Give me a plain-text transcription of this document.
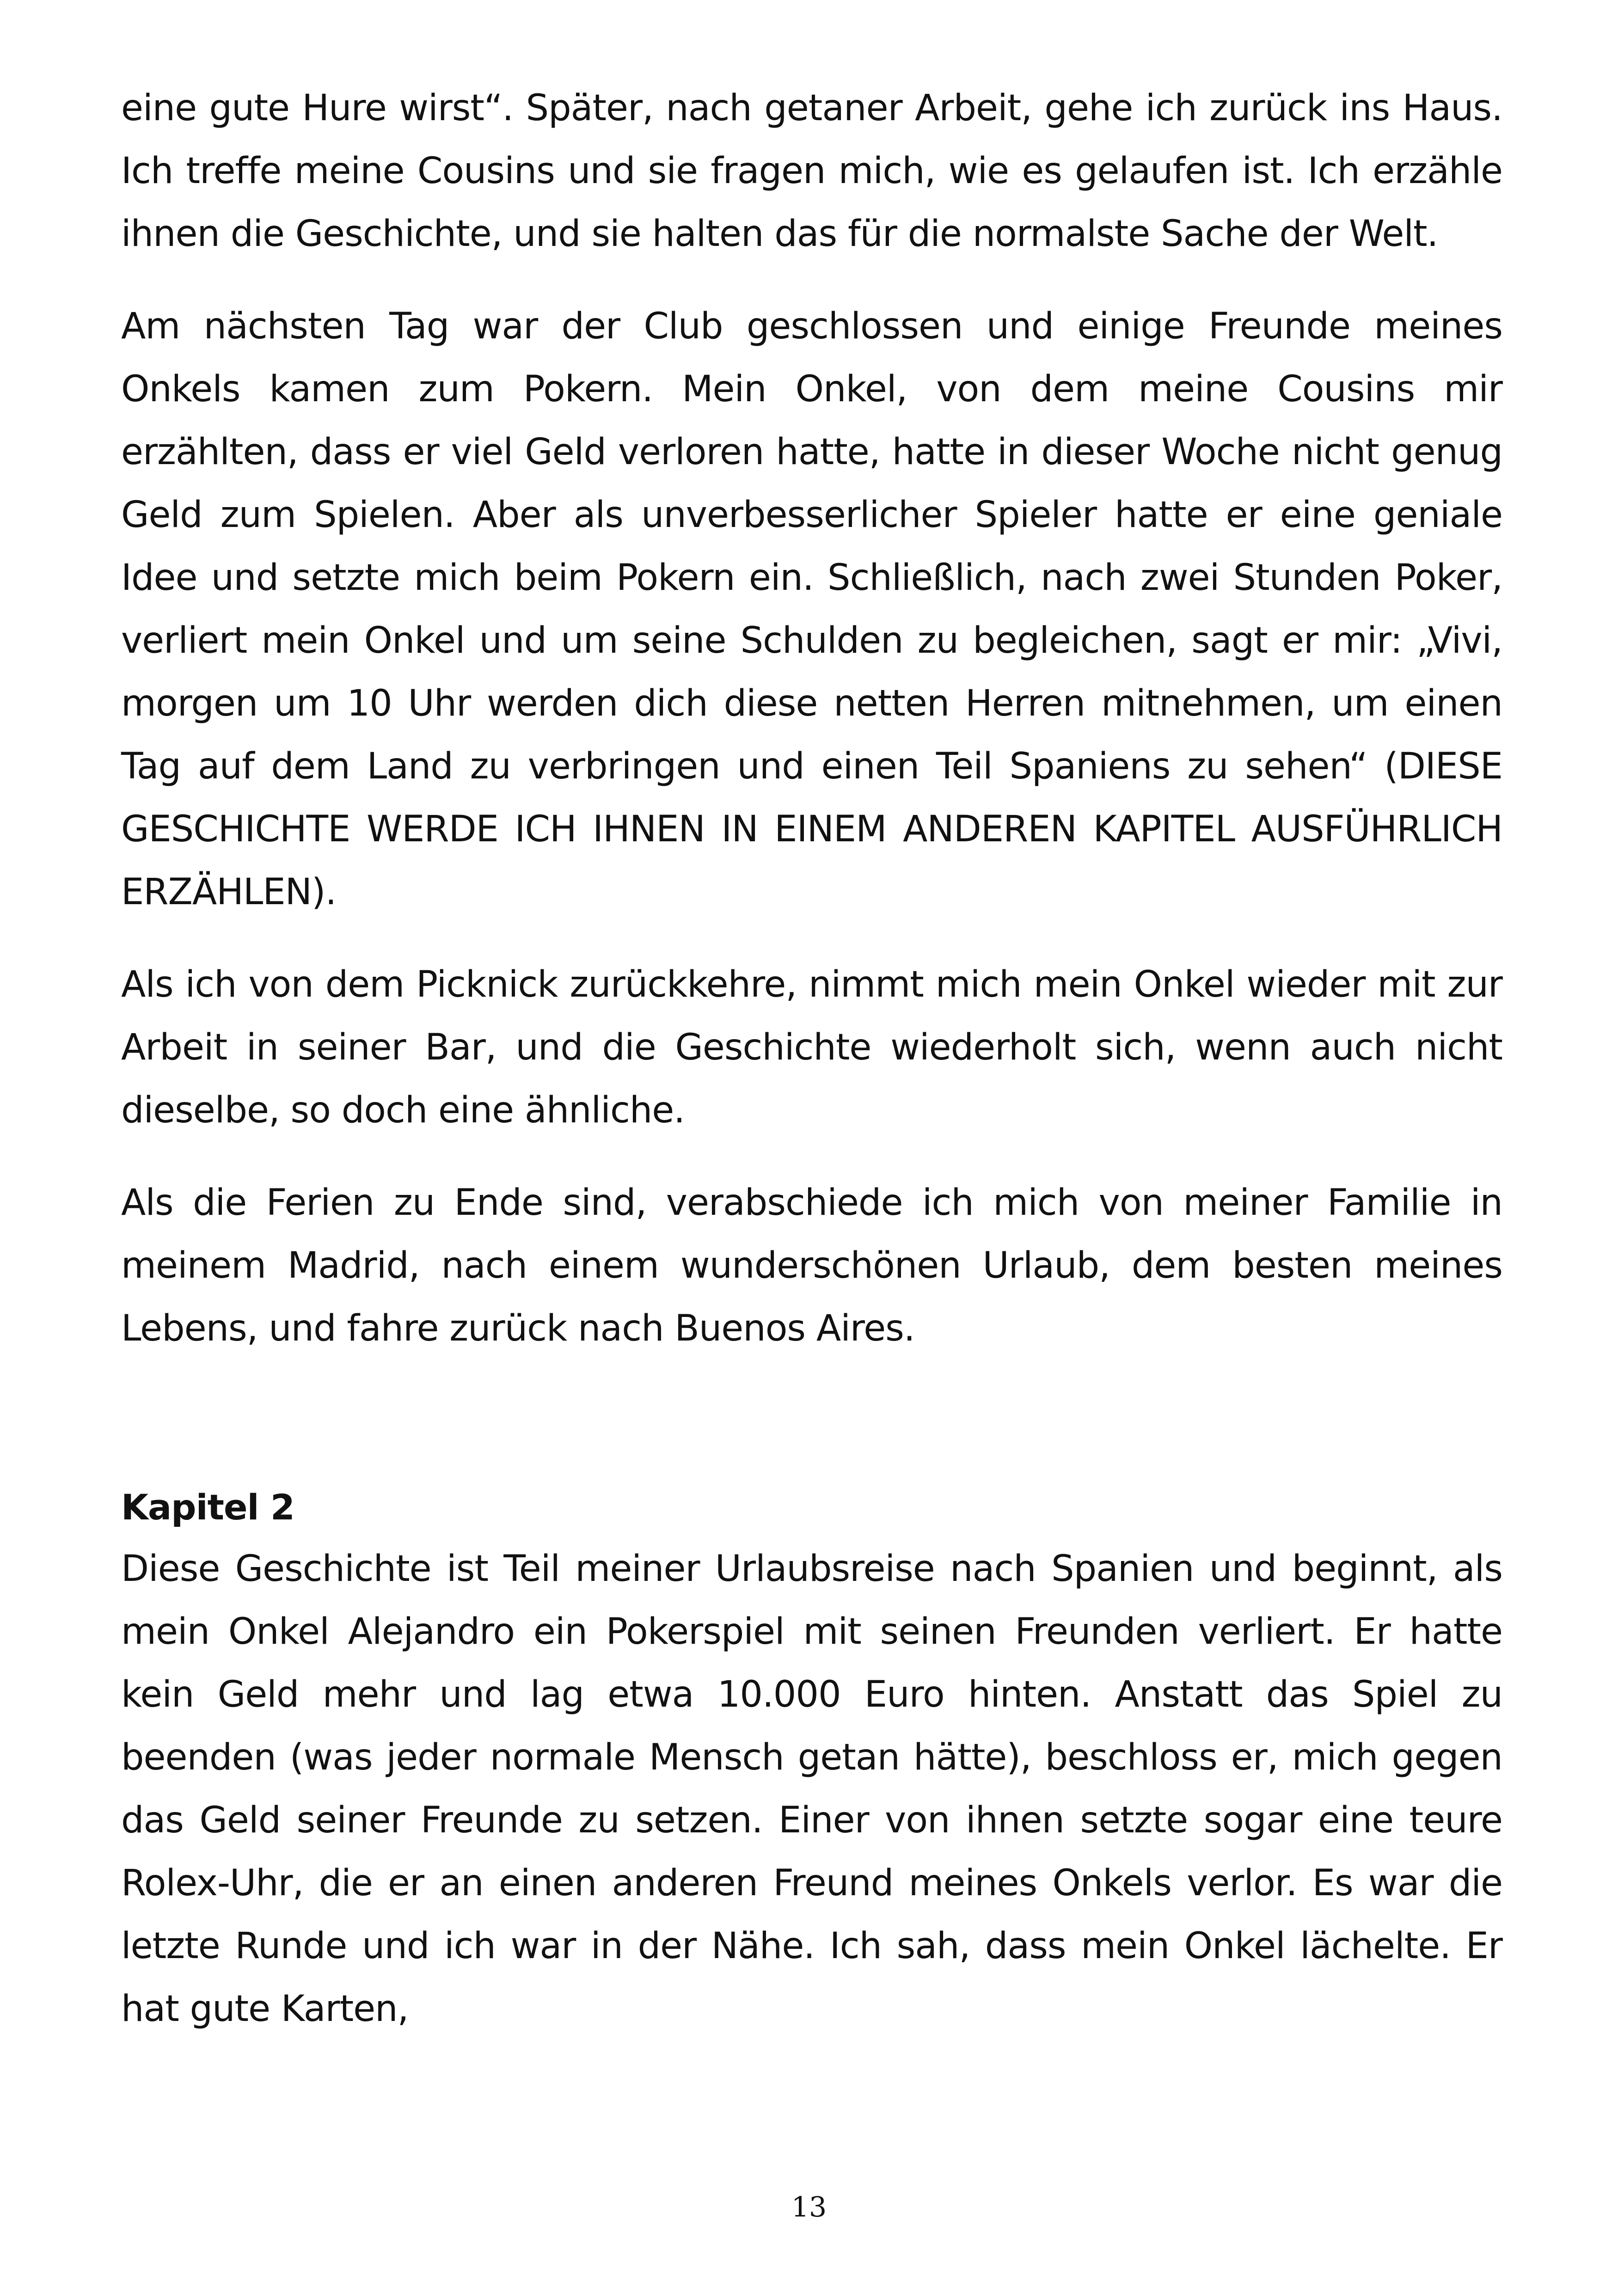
eine gute Hure wirst“. Später, nach getaner Arbeit, gehe ich zurück ins Haus. Ich treffe meine Cousins und sie fragen mich, wie es gelaufen ist. Ich erzähle ihnen die Geschichte, und sie halten das für die normalste Sache der Welt.

Am nächsten Tag war der Club geschlossen und einige Freunde meines Onkels kamen zum Pokern. Mein Onkel, von dem meine Cousins mir erzählten, dass er viel Geld verloren hatte, hatte in dieser Woche nicht genug Geld zum Spielen. Aber als unverbesserlicher Spieler hatte er eine geniale Idee und setzte mich beim Pokern ein. Schließlich, nach zwei Stunden Poker, verliert mein Onkel und um seine Schulden zu begleichen, sagt er mir: „Vivi, morgen um 10 Uhr werden dich diese netten Herren mitnehmen, um einen Tag auf dem Land zu verbringen und einen Teil Spaniens zu sehen“ (DIESE GESCHICHTE WERDE ICH IHNEN IN EINEM ANDEREN KAPITEL AUSFÜHRLICH ERZÄHLEN).

Als ich von dem Picknick zurückkehre, nimmt mich mein Onkel wieder mit zur Arbeit in seiner Bar, und die Geschichte wiederholt sich, wenn auch nicht dieselbe, so doch eine ähnliche.

Als die Ferien zu Ende sind, verabschiede ich mich von meiner Familie in meinem Madrid, nach einem wunderschönen Urlaub, dem besten meines Lebens, und fahre zurück nach Buenos Aires.

Kapitel 2

Diese Geschichte ist Teil meiner Urlaubsreise nach Spanien und beginnt, als mein Onkel Alejandro ein Pokerspiel mit seinen Freunden verliert. Er hatte kein Geld mehr und lag etwa 10.000 Euro hinten. Anstatt das Spiel zu beenden (was jeder normale Mensch getan hätte), beschloss er, mich gegen das Geld seiner Freunde zu setzen. Einer von ihnen setzte sogar eine teure Rolex-Uhr, die er an einen anderen Freund meines Onkels verlor. Es war die letzte Runde und ich war in der Nähe. Ich sah, dass mein Onkel lächelte. Er hat gute Karten,

13
